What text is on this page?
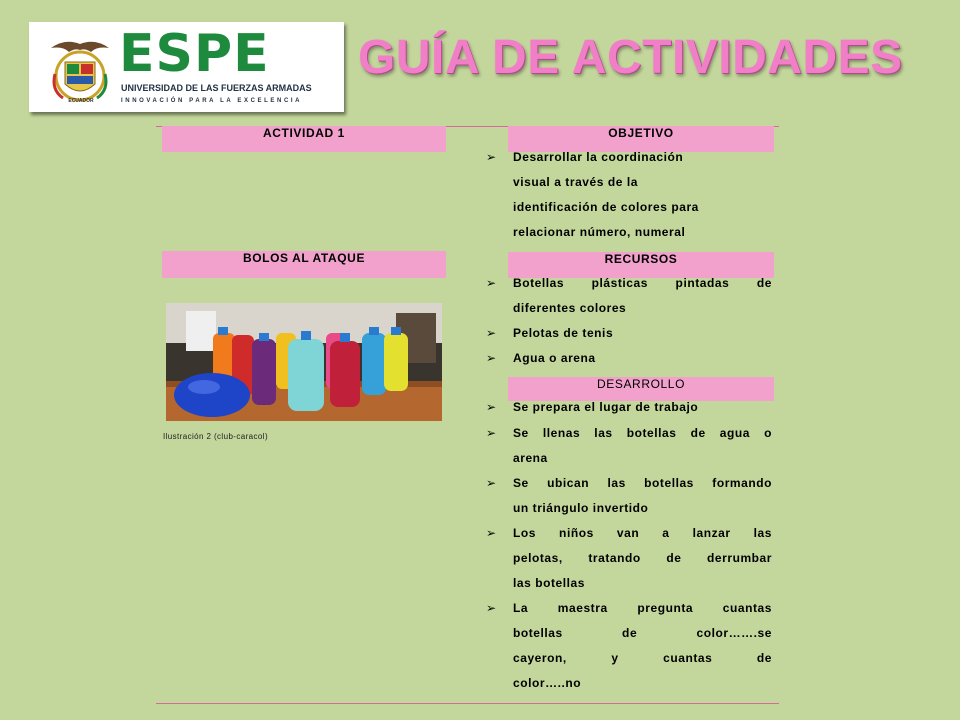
ECUADOR
ESPE
UNIVERSIDAD DE LAS FUERZAS ARMADAS
INNOVACIÓN PARA LA EXCELENCIA
GUÍA DE ACTIVIDADES
ACTIVIDAD 1
BOLOS AL ATAQUE
Ilustración 2 (club-caracol)
OBJETIVO
RECURSOS
DESARROLLO
➢	Desarrollar la coordinación
visual a través de la
identificación de colores para
relacionar número, numeral
➢	Botellas plásticas pintadas de
diferentes colores
➢	Pelotas de tenis
➢	Agua o arena
➢	Se prepara el lugar de trabajo
➢	Se llenas las botellas de agua o
arena
➢	Se ubican las botellas formando
un triángulo invertido
➢	Los niños van a lanzar las
pelotas, tratando de derrumbar
las botellas
➢	La maestra pregunta cuantas
botellas de color…….se
cayeron, y cuantas de
color…..no
